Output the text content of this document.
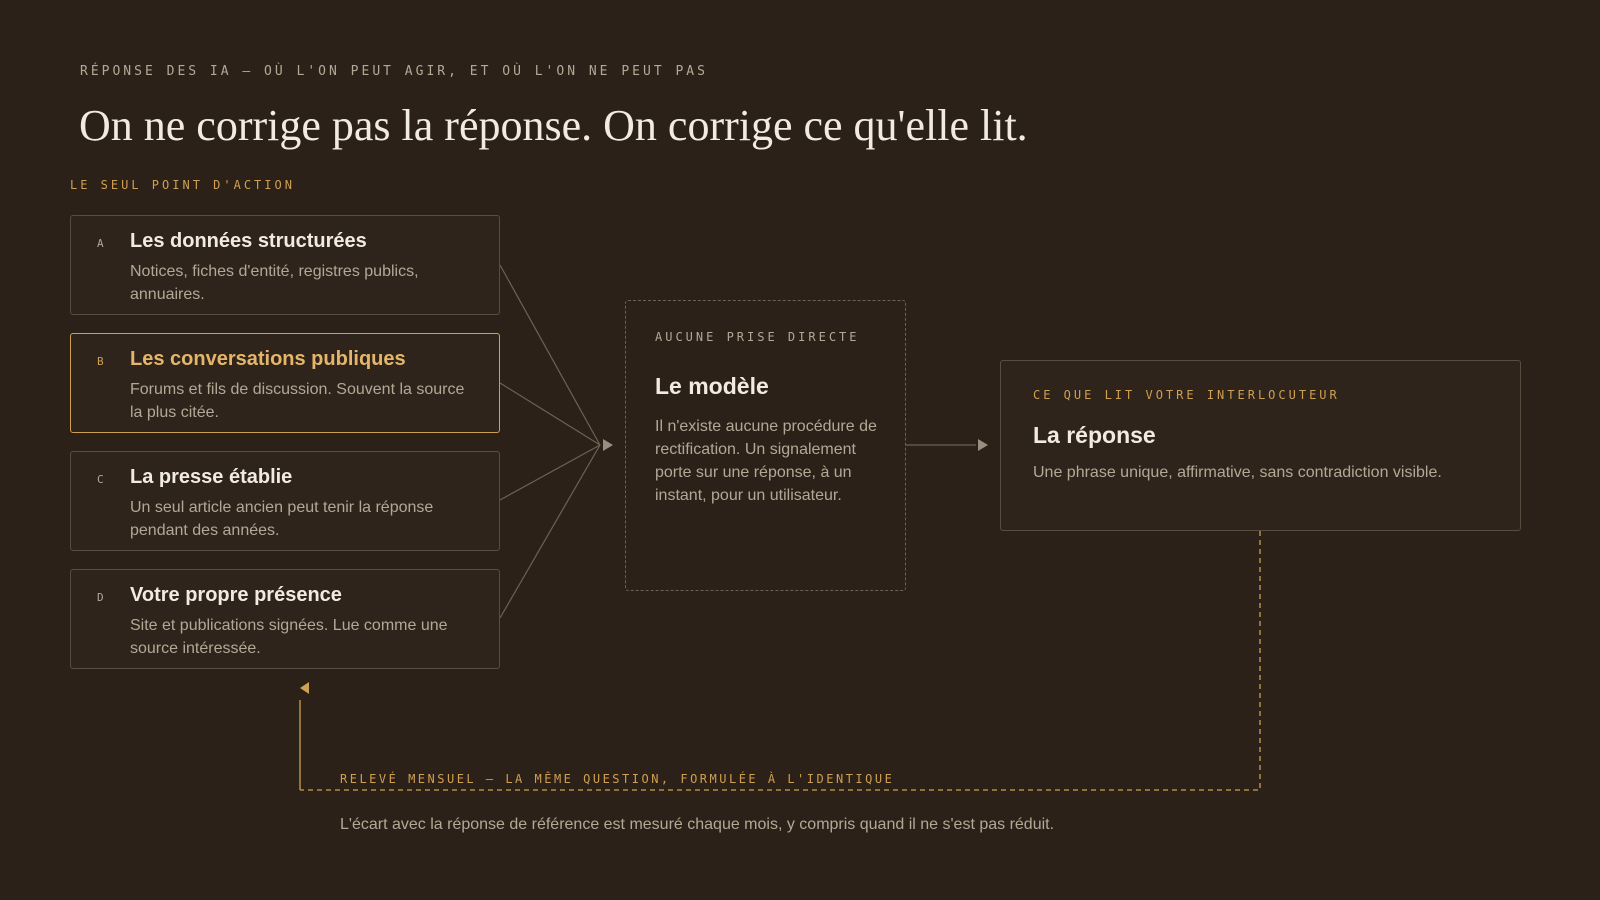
RÉPONSE DES IA — OÙ L'ON PEUT AGIR, ET OÙ L'ON NE PEUT PAS
On ne corrige pas la réponse. On corrige ce qu'elle lit.
LE SEUL POINT D'ACTION
A Les données structurées
Notices, fiches d'entité, registres publics, annuaires.
B Les conversations publiques
Forums et fils de discussion. Souvent la source la plus citée.
C La presse établie
Un seul article ancien peut tenir la réponse pendant des années.
D Votre propre présence
Site et publications signées. Lue comme une source intéressée.
AUCUNE PRISE DIRECTE
Le modèle
Il n'existe aucune procédure de rectification. Un signalement porte sur une réponse, à un instant, pour un utilisateur.
CE QUE LIT VOTRE INTERLOCUTEUR
La réponse
Une phrase unique, affirmative, sans contradiction visible.
RELEVÉ MENSUEL — LA MÊME QUESTION, FORMULÉE À L'IDENTIQUE
L'écart avec la réponse de référence est mesuré chaque mois, y compris quand il ne s'est pas réduit.
